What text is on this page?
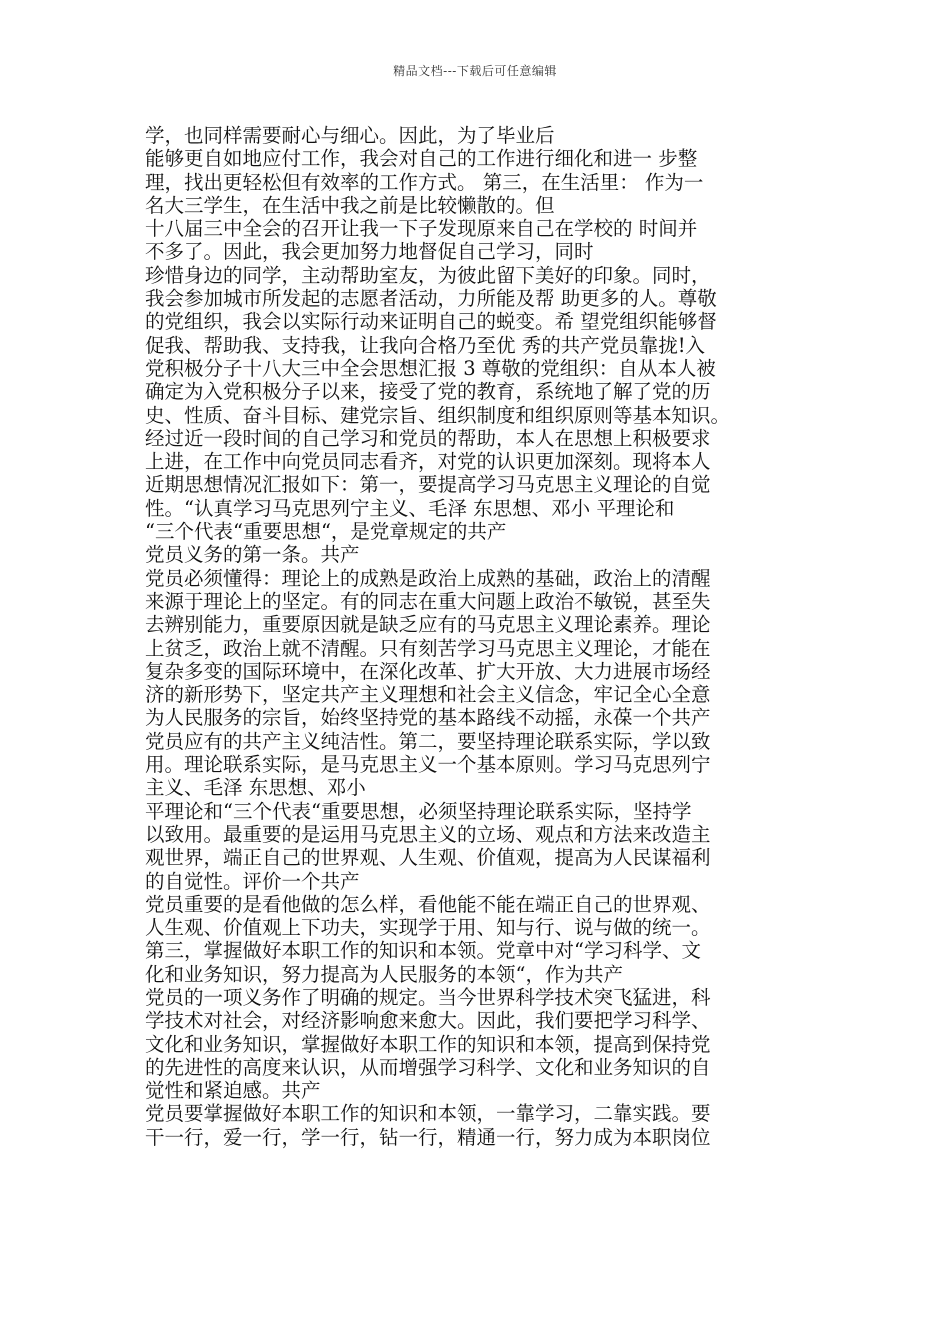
精品文档---下载后可任意编辑
学，也同样需要耐心与细心。因此，为了毕业后
能够更自如地应付工作，我会对自己的工作进行细化和进一 步整
理，找出更轻松但有效率的工作方式。 第三，在生活里： 作为一
名大三学生，在生活中我之前是比较懒散的。但
十八届三中全会的召开让我一下子发现原来自己在学校的 时间并
不多了。因此，我会更加努力地督促自己学习，同时
珍惜身边的同学，主动帮助室友，为彼此留下美好的印象。同时，
我会参加城市所发起的志愿者活动，力所能及帮 助更多的人。尊敬
的党组织，我会以实际行动来证明自己的蜕变。希 望党组织能够督
促我、帮助我、支持我，让我向合格乃至优 秀的共产党员靠拢!入
党积极分子十八大三中全会思想汇报 3 尊敬的党组织：自从本人被
确定为入党积极分子以来，接受了党的教育，系统地了解了党的历
史、性质、奋斗目标、建党宗旨、组织制度和组织原则等基本知识。
经过近一段时间的自己学习和党员的帮助，本人在思想上积极要求
上进，在工作中向党员同志看齐，对党的认识更加深刻。现将本人
近期思想情况汇报如下：第一，要提高学习马克思主义理论的自觉
性。“认真学习马克思列宁主义、毛泽 东思想、邓小 平理论和
“三个代表“重要思想“，是党章规定的共产
党员义务的第一条。共产
党员必须懂得：理论上的成熟是政治上成熟的基础，政治上的清醒
来源于理论上的坚定。有的同志在重大问题上政治不敏锐，甚至失
去辨别能力，重要原因就是缺乏应有的马克思主义理论素养。理论
上贫乏，政治上就不清醒。只有刻苦学习马克思主义理论，才能在
复杂多变的国际环境中，在深化改革、扩大开放、大力进展市场经
济的新形势下，坚定共产主义理想和社会主义信念，牢记全心全意
为人民服务的宗旨，始终坚持党的基本路线不动摇，永葆一个共产
党员应有的共产主义纯洁性。第二，要坚持理论联系实际，学以致
用。理论联系实际，是马克思主义一个基本原则。学习马克思列宁
主义、毛泽 东思想、邓小
平理论和“三个代表“重要思想，必须坚持理论联系实际，坚持学
以致用。最重要的是运用马克思主义的立场、观点和方法来改造主
观世界，端正自己的世界观、人生观、价值观，提高为人民谋福利
的自觉性。评价一个共产
党员重要的是看他做的怎么样，看他能不能在端正自己的世界观、
人生观、价值观上下功夫，实现学于用、知与行、说与做的统一。
第三，掌握做好本职工作的知识和本领。党章中对“学习科学、文
化和业务知识，努力提高为人民服务的本领“，作为共产
党员的一项义务作了明确的规定。当今世界科学技术突飞猛进，科
学技术对社会，对经济影响愈来愈大。因此，我们要把学习科学、
文化和业务知识，掌握做好本职工作的知识和本领，提高到保持党
的先进性的高度来认识，从而增强学习科学、文化和业务知识的自
觉性和紧迫感。共产
党员要掌握做好本职工作的知识和本领，一靠学习，二靠实践。要
干一行，爱一行，学一行，钻一行，精通一行，努力成为本职岗位
